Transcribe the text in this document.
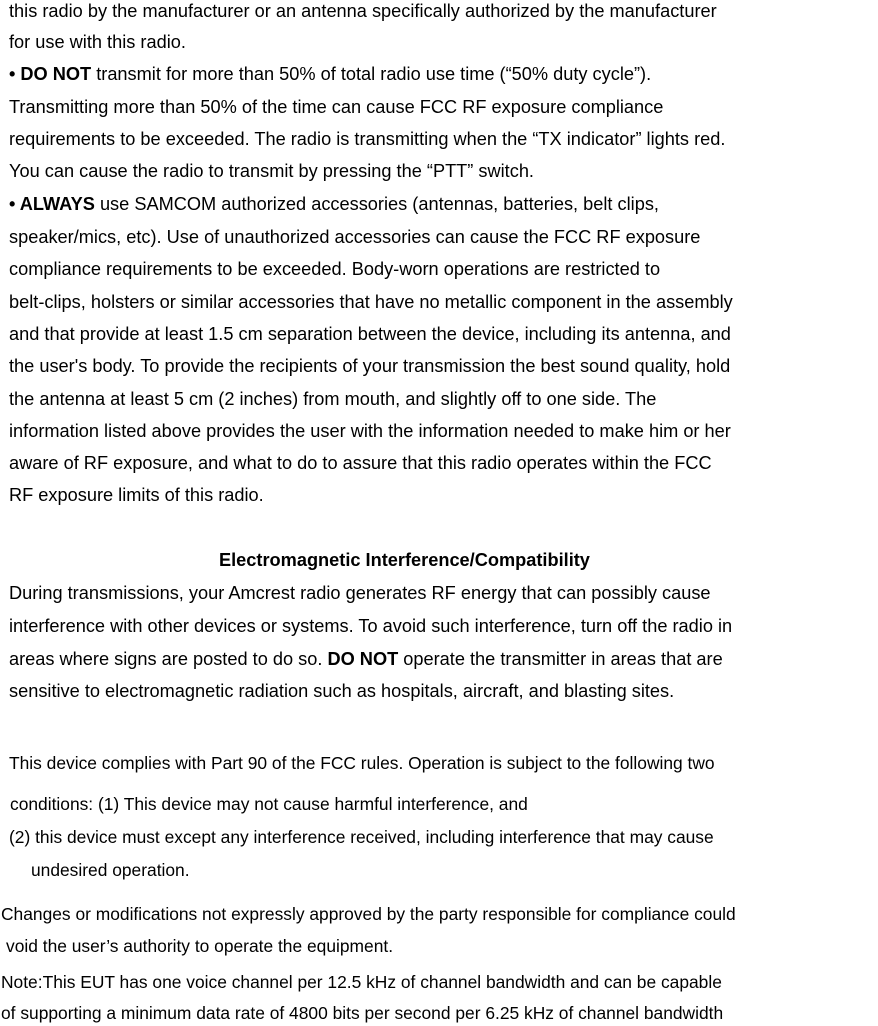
this radio by the manufacturer or an antenna specifically authorized by the manufacturer
for use with this radio.
• DO NOT transmit for more than 50% of total radio use time (“50% duty cycle”).
Transmitting more than 50% of the time can cause FCC RF exposure compliance
requirements to be exceeded. The radio is transmitting when the “TX indicator” lights red.
You can cause the radio to transmit by pressing the “PTT” switch.
• ALWAYS use SAMCOM authorized accessories (antennas, batteries, belt clips,
speaker/mics, etc). Use of unauthorized accessories can cause the FCC RF exposure
compliance requirements to be exceeded. Body-worn operations are restricted to
belt-clips, holsters or similar accessories that have no metallic component in the assembly
and that provide at least 1.5 cm separation between the device, including its antenna, and
the user's body. To provide the recipients of your transmission the best sound quality, hold
the antenna at least 5 cm (2 inches) from mouth, and slightly off to one side. The
information listed above provides the user with the information needed to make him or her
aware of RF exposure, and what to do to assure that this radio operates within the FCC
RF exposure limits of this radio.
Electromagnetic Interference/Compatibility
During transmissions, your Amcrest radio generates RF energy that can possibly cause
interference with other devices or systems. To avoid such interference, turn off the radio in
areas where signs are posted to do so. DO NOT operate the transmitter in areas that are
sensitive to electromagnetic radiation such as hospitals, aircraft, and blasting sites.
This device complies with Part 90 of the FCC rules. Operation is subject to the following two
conditions: (1) This device may not cause harmful interference, and
(2) this device must except any interference received, including interference that may cause
undesired operation.
Changes or modifications not expressly approved by the party responsible for compliance could
void the user’s authority to operate the equipment.
Note:This EUT has one voice channel per 12.5 kHz of channel bandwidth and can be capable
of supporting a minimum data rate of 4800 bits per second per 6.25 kHz of channel bandwidth
